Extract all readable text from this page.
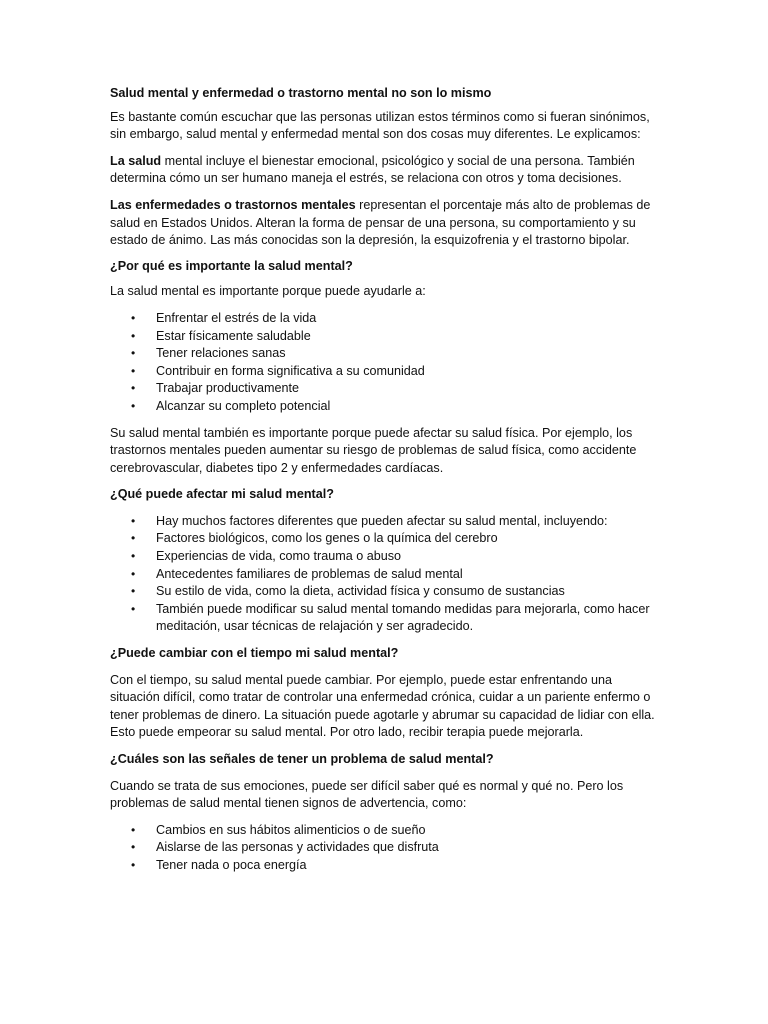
Salud mental y enfermedad o trastorno mental no son lo mismo

Es bastante común escuchar que las personas utilizan estos términos como si fueran sinónimos, sin embargo, salud mental y enfermedad mental son dos cosas muy diferentes. Le explicamos:

La salud mental incluye el bienestar emocional, psicológico y social de una persona. También determina cómo un ser humano maneja el estrés, se relaciona con otros y toma decisiones.

Las enfermedades o trastornos mentales representan el porcentaje más alto de problemas de salud en Estados Unidos. Alteran la forma de pensar de una persona, su comportamiento y su estado de ánimo. Las más conocidas son la depresión, la esquizofrenia y el trastorno bipolar.

¿Por qué es importante la salud mental?

La salud mental es importante porque puede ayudarle a:

• Enfrentar el estrés de la vida
• Estar físicamente saludable
• Tener relaciones sanas
• Contribuir en forma significativa a su comunidad
• Trabajar productivamente
• Alcanzar su completo potencial

Su salud mental también es importante porque puede afectar su salud física. Por ejemplo, los trastornos mentales pueden aumentar su riesgo de problemas de salud física, como accidente cerebrovascular, diabetes tipo 2 y enfermedades cardíacas.

¿Qué puede afectar mi salud mental?
• Hay muchos factores diferentes que pueden afectar su salud mental, incluyendo:
• Factores biológicos, como los genes o la química del cerebro
• Experiencias de vida, como trauma o abuso
• Antecedentes familiares de problemas de salud mental
• Su estilo de vida, como la dieta, actividad física y consumo de sustancias
• También puede modificar su salud mental tomando medidas para mejorarla, como hacer meditación, usar técnicas de relajación y ser agradecido.
¿Puede cambiar con el tiempo mi salud mental?

Con el tiempo, su salud mental puede cambiar. Por ejemplo, puede estar enfrentando una situación difícil, como tratar de controlar una enfermedad crónica, cuidar a un pariente enfermo o tener problemas de dinero. La situación puede agotarle y abrumar su capacidad de lidiar con ella. Esto puede empeorar su salud mental. Por otro lado, recibir terapia puede mejorarla.

¿Cuáles son las señales de tener un problema de salud mental?

Cuando se trata de sus emociones, puede ser difícil saber qué es normal y qué no. Pero los problemas de salud mental tienen signos de advertencia, como:

• Cambios en sus hábitos alimenticios o de sueño
• Aislarse de las personas y actividades que disfruta
• Tener nada o poca energía
